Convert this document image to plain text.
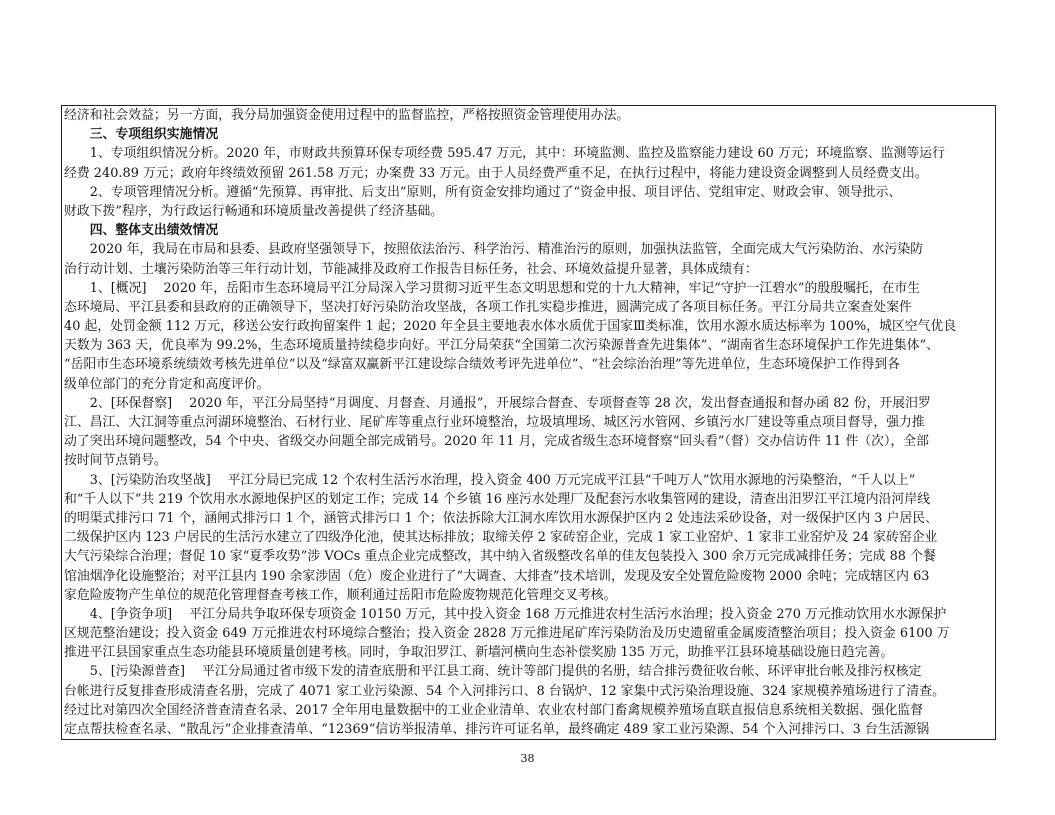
经济和社会效益；另一方面，我分局加强资金使用过程中的监督监控，严格按照资金管理使用办法。
　　三、专项组织实施情况
　　1、专项组织情况分析。2020 年，市财政共预算环保专项经费 595.47 万元，其中：环境监测、监控及监察能力建设 60 万元；环境监察、监测等运行
经费 240.89 万元；政府年终绩效预留 261.58 万元；办案费 33 万元。由于人员经费严重不足，在执行过程中，将能力建设资金调整到人员经费支出。
　　2、专项管理情况分析。遵循“先预算、再审批、后支出”原则，所有资金安排均通过了“资金申报、项目评估、党组审定、财政会审、领导批示、
财政下拨”程序，为行政运行畅通和环境质量改善提供了经济基础。
　　四、整体支出绩效情况
　　2020 年，我局在市局和县委、县政府坚强领导下，按照依法治污、科学治污、精准治污的原则，加强执法监管，全面完成大气污染防治、水污染防
治行动计划、土壤污染防治等三年行动计划，节能减排及政府工作报告目标任务，社会、环境效益提升显著，具体成绩有：
　　1、[概况]　 2020 年，岳阳市生态环境局平江分局深入学习贯彻习近平生态文明思想和党的十九大精神，牢记“守护一江碧水”的殷殷嘱托，在市生
态环境局、平江县委和县政府的正确领导下，坚决打好污染防治攻坚战，各项工作扎实稳步推进，圆满完成了各项目标任务。平江分局共立案查处案件
40 起，处罚金额 112 万元，移送公安行政拘留案件 1 起；2020 年全县主要地表水体水质优于国家Ⅲ类标准，饮用水源水质达标率为 100%，城区空气优良
天数为 363 天，优良率为 99.2%，生态环境质量持续稳步向好。平江分局荣获“全国第二次污染源普查先进集体”、“湖南省生态环境保护工作先进集体”、
“岳阳市生态环境系统绩效考核先进单位”以及“绿富双赢新平江建设综合绩效考评先进单位”、“社会综治治理”等先进单位，生态环境保护工作得到各
级单位部门的充分肯定和高度评价。
　　2、[环保督察]　 2020 年，平江分局坚持“月调度、月督查、月通报”，开展综合督查、专项督查等 28 次，发出督查通报和督办函 82 份，开展汨罗
江、昌江、大江洞等重点河湖环境整治、石材行业、尾矿库等重点行业环境整治，垃圾填埋场、城区污水管网、乡镇污水厂建设等重点项目督导，强力推
动了突出环境问题整改，54 个中央、省级交办问题全部完成销号。2020 年 11 月，完成省级生态环境督察“回头看”（督）交办信访件 11 件（次），全部
按时间节点销号。
　　3、[污染防治攻坚战]　 平江分局已完成 12 个农村生活污水治理，投入资金 400 万元完成平江县“千吨万人”饮用水源地的污染整治，“千人以上”
和“千人以下”共 219 个饮用水水源地保护区的划定工作；完成 14 个乡镇 16 座污水处理厂及配套污水收集管网的建设，清查出汨罗江平江境内沿河岸线
的明渠式排污口 71 个，涵闸式排污口 1 个，涵管式排污口 1 个；依法拆除大江洞水库饮用水源保护区内 2 处违法采砂设备，对一级保护区内 3 户居民、
二级保护区内 123 户居民的生活污水建立了四级净化池，使其达标排放；取缔关停 2 家砖窑企业，完成 1 家工业窑炉、1 家非工业窑炉及 24 家砖窑企业
大气污染综合治理；督促 10 家“夏季攻势”涉 VOCs 重点企业完成整改，其中纳入省级整改名单的佳友包装投入 300 余万元完成减排任务；完成 88 个餐
馆油烟净化设施整治；对平江县内 190 余家涉固（危）废企业进行了“大调查、大排查”技术培训，发现及安全处置危险废物 2000 余吨；完成辖区内 63
家危险废物产生单位的规范化管理督查考核工作，顺利通过岳阳市危险废物规范化管理交叉考核。
　　4、[争资争项]　 平江分局共争取环保专项资金 10150 万元，其中投入资金 168 万元推进农村生活污水治理；投入资金 270 万元推动饮用水水源保护
区规范整治建设；投入资金 649 万元推进农村环境综合整治；投入资金 2828 万元推进尾矿库污染防治及历史遗留重金属废渣整治项目；投入资金 6100 万
推进平江县国家重点生态功能县环境质量创建考核。同时，争取汨罗江、新墙河横向生态补偿奖励 135 万元，助推平江县环境基础设施日趋完善。
　　5、[污染源普查]　 平江分局通过省市级下发的清查底册和平江县工商、统计等部门提供的名册，结合排污费征收台帐、环评审批台帐及排污权核定
台帐进行反复排查形成清查名册，完成了 4071 家工业污染源、54 个入河排污口、8 台锅炉、12 家集中式污染治理设施、324 家规模养殖场进行了清查。
经过比对第四次全国经济普查清查名录、2017 全年用电量数据中的工业企业清单、农业农村部门畜禽规模养殖场直联直报信息系统相关数据、强化监督
定点帮扶检查名录、“散乱污”企业排查清单、“12369”信访举报清单、排污许可证名单，最终确定 489 家工业污染源、54 个入河排污口、3 台生活源锅
38
